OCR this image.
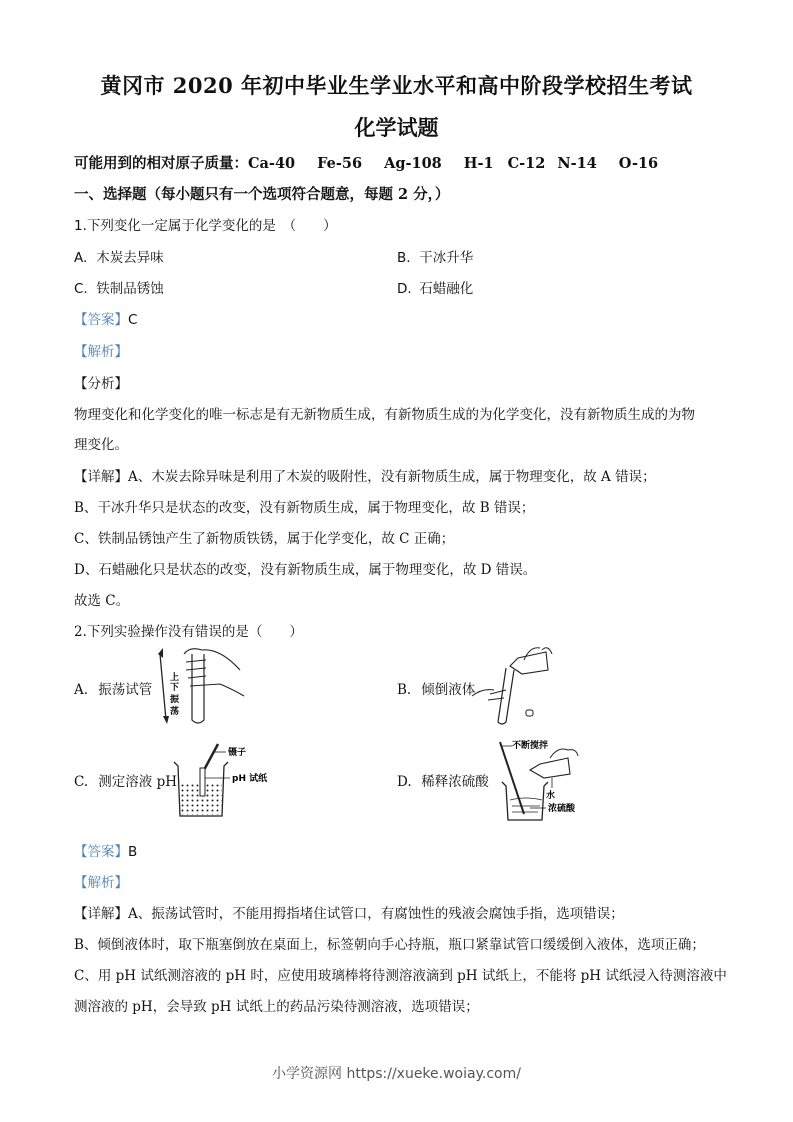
黄冈市 2020 年初中毕业生学业水平和高中阶段学校招生考试
化学试题
可能用到的相对原子质量：Ca-40 Fe-56 Ag-108 H-1 C-12 N-14 O-16
一、选择题（每小题只有一个选项符合题意，每题 2 分，）
1.下列变化一定属于化学变化的是　（　　）
A. 木炭去异味	B. 干冰升华
C. 铁制品锈蚀	D. 石蜡融化
【答案】C
【解析】
【分析】
物理变化和化学变化的唯一标志是有无新物质生成，有新物质生成的为化学变化，没有新物质生成的为物
理变化。
【详解】A、木炭去除异味是利用了木炭的吸附性，没有新物质生成，属于物理变化，故 A 错误；
B、干冰升华只是状态的改变，没有新物质生成，属于物理变化，故 B 错误；
C、铁制品锈蚀产生了新物质铁锈，属于化学变化，故 C 正确；
D、石蜡融化只是状态的改变，没有新物质生成，属于物理变化，故 D 错误。
故选 C。
2.下列实验操作没有错误的是（　　）
A. 振荡试管
上
下
振
荡
B. 倾倒液体
C. 测定溶液 pH
镊子
pH 试纸	D. 稀释浓硫酸
不断搅拌
水
浓硫酸
【答案】B
【解析】
【详解】A、振荡试管时，不能用拇指堵住试管口，有腐蚀性的残液会腐蚀手指，选项错误；
B、倾倒液体时，取下瓶塞倒放在桌面上，标签朝向手心持瓶，瓶口紧靠试管口缓缓倒入液体，选项正确；
C、用 pH 试纸测溶液的 pH 时，应使用玻璃棒将待测溶液滴到 pH 试纸上，不能将 pH 试纸浸入待测溶液中
测溶液的 pH，会导致 pH 试纸上的药品污染待测溶液，选项错误；
小学资源网 https://xueke.woiay.com/
